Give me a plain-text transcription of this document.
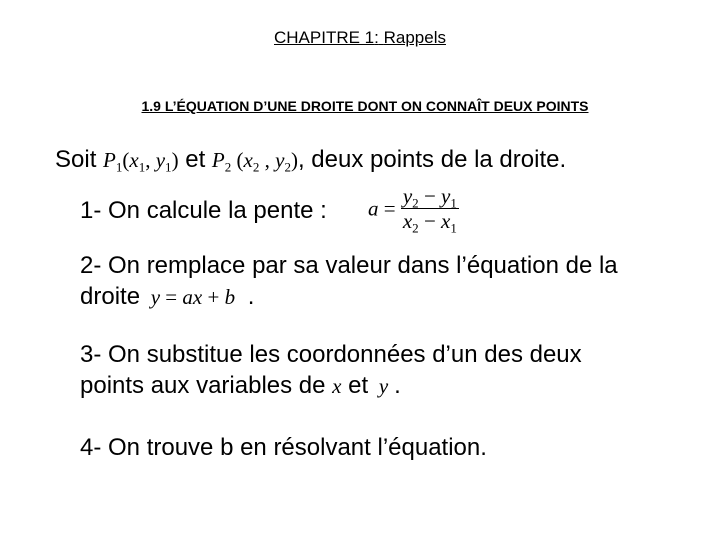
CHAPITRE 1: Rappels
1.9 L’ÉQUATION D’UNE DROITE DONT ON CONNAÎT DEUX POINTS
Soit $P_1(x_1$, $y_1$) et $P_2$ ($x_2$ , $y_2$), deux points de la droite.
1- On calcule la pente : $a = \frac{y_2 - y_1}{x_2 - x_1}$
2- On remplace par sa valeur dans l’équation de la
droite y = ax + b .
3- On substitue les coordonnées d’un des deux
points aux variables de x et y .
4- On trouve b en résolvant l’équation.
